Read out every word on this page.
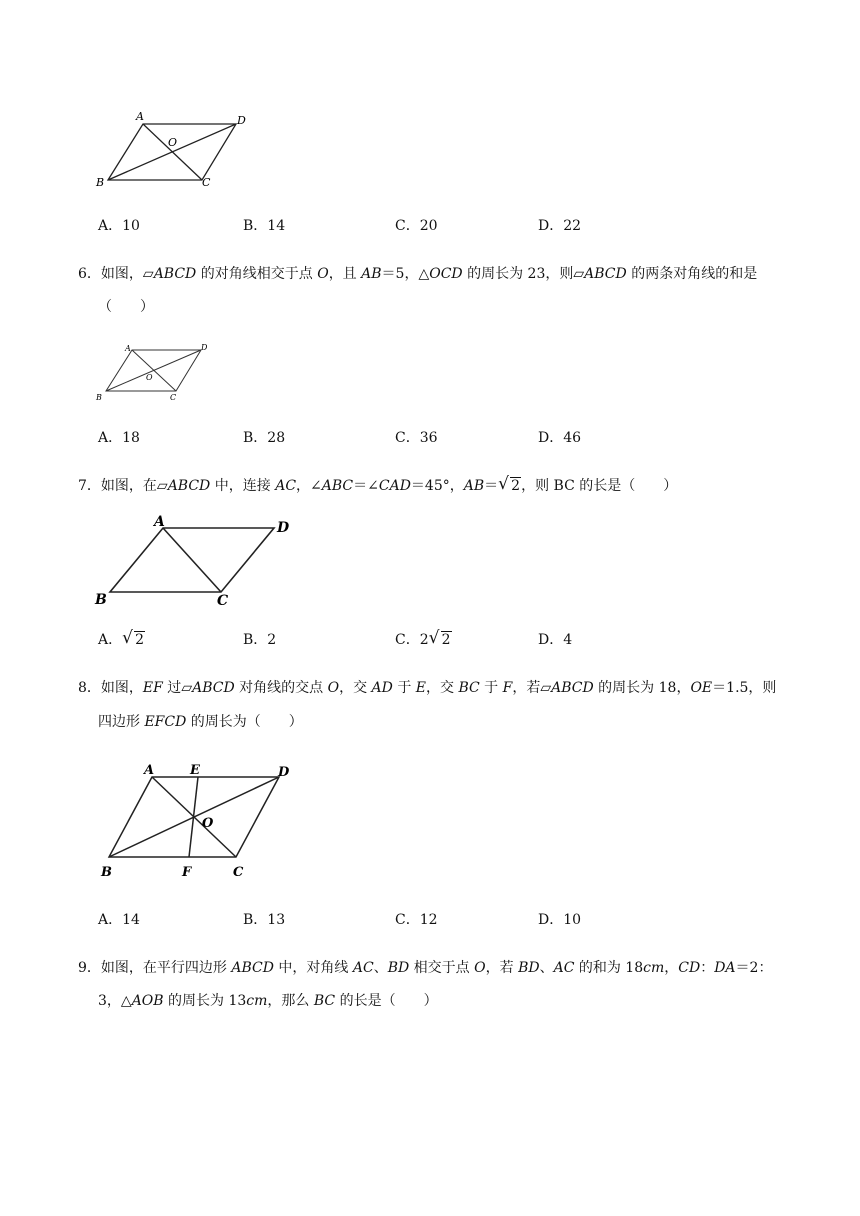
A	D
O
B	C
A．10	B．14	C．20	D．22
6．如图，▱ABCD 的对角线相交于点 O，且 AB＝5，△OCD 的周长为 23，则▱ABCD 的两条对角线的和是
（　　）
A	D
O
B	C
A．18	B．28	C．36	D．46
7．如图，在▱ABCD 中，连接 AC，∠ABC＝∠CAD＝45°，AB＝ √ 2，则 BC 的长是（　　）
A	D
B	C
A． √ 2	B．2	C．2 √ 2	D．4
8．如图，EF 过▱ABCD 对角线的交点 O，交 AD 于 E，交 BC 于 F，若▱ABCD 的周长为 18，OE＝1.5，则
四边形 EFCD 的周长为（　　）
A	E	D
O
B	F	C
A．14	B．13	C．12	D．10
9．如图，在平行四边形 ABCD 中，对角线 AC、BD 相交于点 O，若 BD、AC 的和为 18cm，CD：DA＝2：
3，△AOB 的周长为 13cm，那么 BC 的长是（　　）
